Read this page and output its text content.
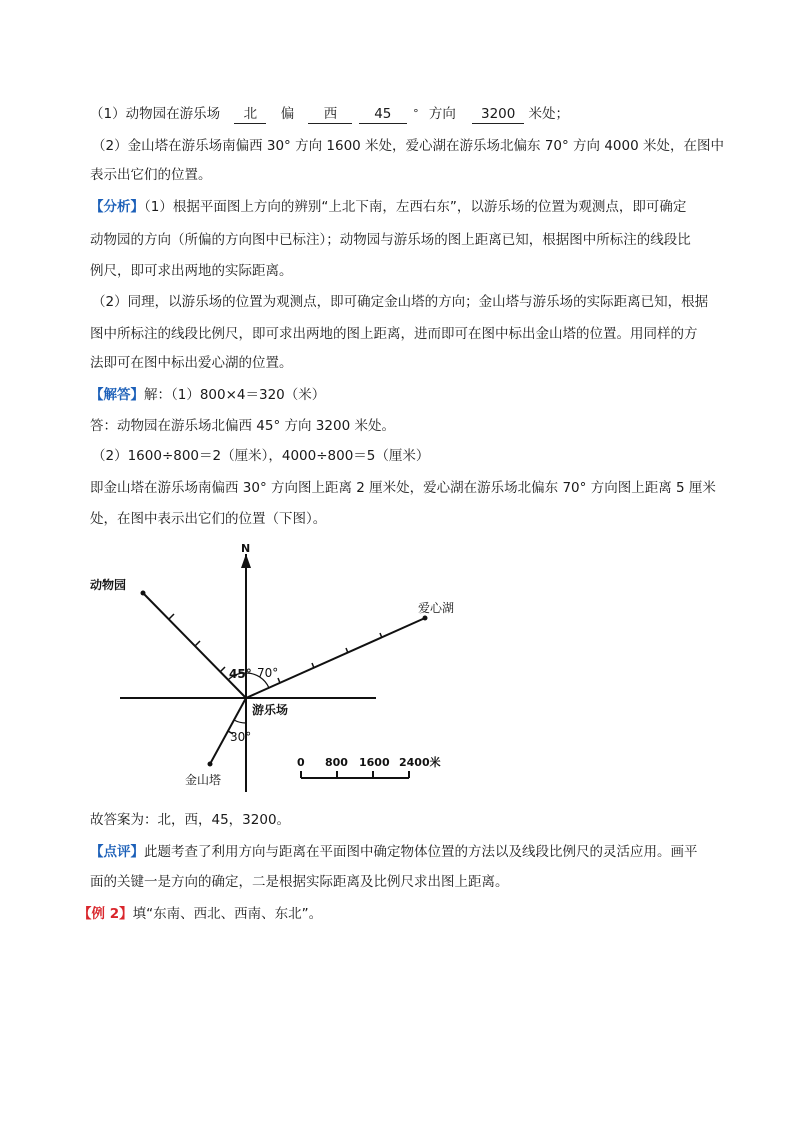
（1）动物园在游乐场 北 偏 西	45 ° 方向 3200 米处；
（2）金山塔在游乐场南偏西 30° 方向 1600 米处，爱心湖在游乐场北偏东 70° 方向 4000 米处，在图中
表示出它们的位置。
【分析】（1）根据平面图上方向的辨别“上北下南，左西右东”，以游乐场的位置为观测点，即可确定
动物园的方向（所偏的方向图中已标注）；动物园与游乐场的图上距离已知，根据图中所标注的线段比
例尺，即可求出两地的实际距离。
（2）同理，以游乐场的位置为观测点，即可确定金山塔的方向；金山塔与游乐场的实际距离已知，根据
图中所标注的线段比例尺，即可求出两地的图上距离，进而即可在图中标出金山塔的位置。用同样的方
法即可在图中标出爱心湖的位置。
【解答】解：（1）800×4＝320（米）
答：动物园在游乐场北偏西 45° 方向 3200 米处。
（2）1600÷800＝2（厘米），4000÷800＝5（厘米）
即金山塔在游乐场南偏西 30° 方向图上距离 2 厘米处，爱心湖在游乐场北偏东 70° 方向图上距离 5 厘米
处，在图中表示出它们的位置（下图）。
N
动物园
爱心湖
金山塔
45° 70°
30°
游乐场
0 800 1600 2400米
故答案为：北，西，45，3200。
【点评】此题考查了利用方向与距离在平面图中确定物体位置的方法以及线段比例尺的灵活应用。画平
面的关键一是方向的确定，二是根据实际距离及比例尺求出图上距离。
【例 2】填“东南、西北、西南、东北”。
